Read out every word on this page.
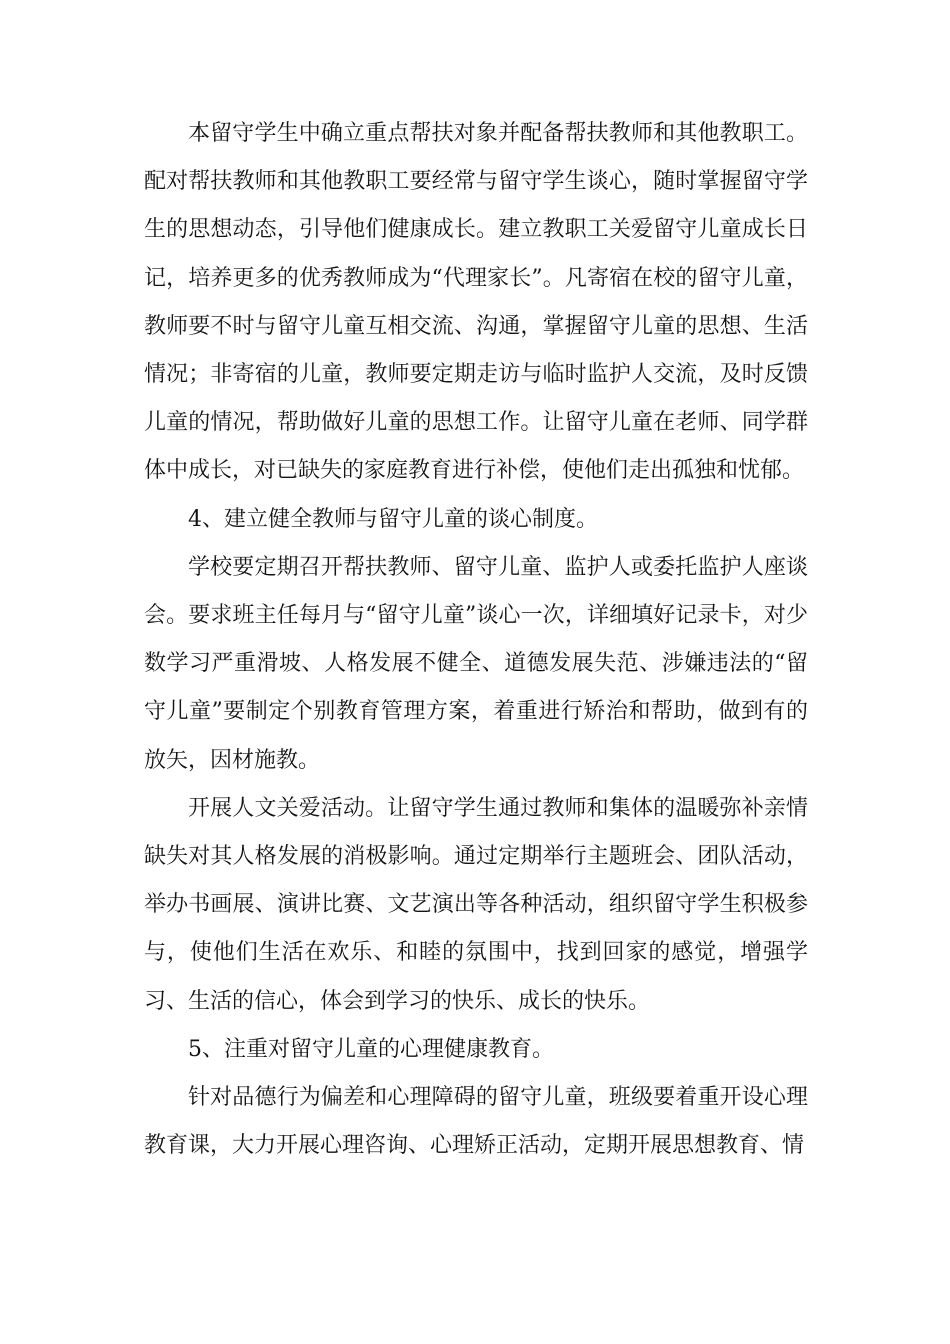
本留守学生中确立重点帮扶对象并配备帮扶教师和其他教职工。配对帮扶教师和其他教职工要经常与留守学生谈心，随时掌握留守学生的思想动态，引导他们健康成长。建立教职工关爱留守儿童成长日记，培养更多的优秀教师成为“代理家长”。凡寄宿在校的留守儿童，教师要不时与留守儿童互相交流、沟通，掌握留守儿童的思想、生活情况；非寄宿的儿童，教师要定期走访与临时监护人交流，及时反馈儿童的情况，帮助做好儿童的思想工作。让留守儿童在老师、同学群体中成长，对已缺失的家庭教育进行补偿，使他们走出孤独和忧郁。

4、建立健全教师与留守儿童的谈心制度。

学校要定期召开帮扶教师、留守儿童、监护人或委托监护人座谈会。要求班主任每月与“留守儿童”谈心一次，详细填好记录卡，对少数学习严重滑坡、人格发展不健全、道德发展失范、涉嫌违法的“留守儿童”要制定个别教育管理方案，着重进行矫治和帮助，做到有的放矢，因材施教。

开展人文关爱活动。让留守学生通过教师和集体的温暖弥补亲情缺失对其人格发展的消极影响。通过定期举行主题班会、团队活动，举办书画展、演讲比赛、文艺演出等各种活动，组织留守学生积极参与，使他们生活在欢乐、和睦的氛围中，找到回家的感觉，增强学习、生活的信心，体会到学习的快乐、成长的快乐。

5、注重对留守儿童的心理健康教育。

针对品德行为偏差和心理障碍的留守儿童，班级要着重开设心理教育课，大力开展心理咨询、心理矫正活动，定期开展思想教育、情
